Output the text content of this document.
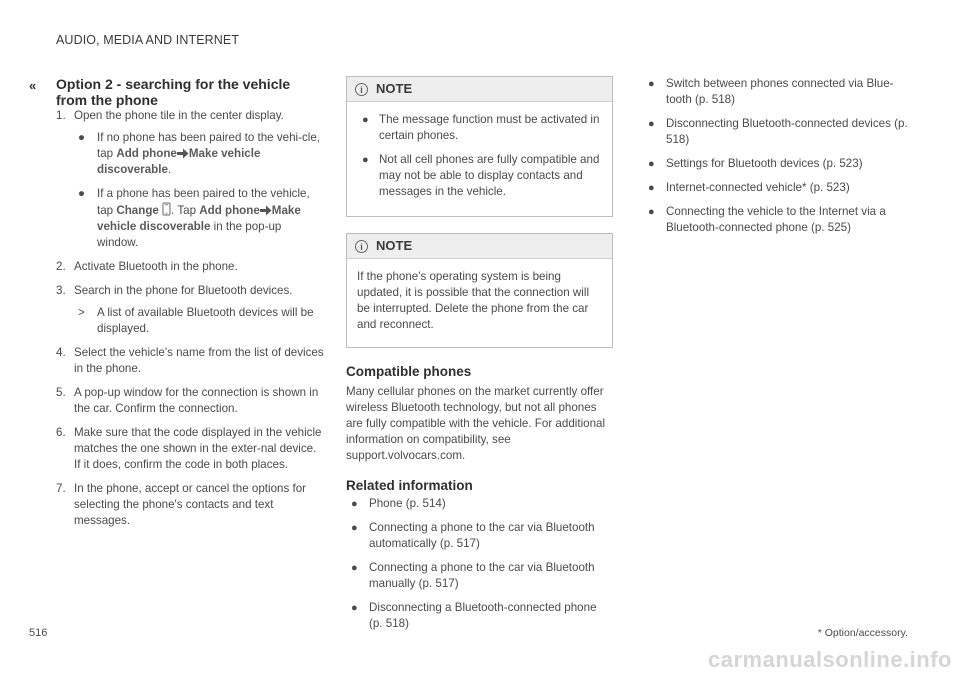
AUDIO, MEDIA AND INTERNET
« Option 2 - searching for the vehicle from the phone
1. Open the phone tile in the center display.
● If no phone has been paired to the vehi-cle, tap Add phone Make vehicle discoverable.
● If a phone has been paired to the vehicle, tap Change . Tap Add phone Make vehicle discoverable in the pop-up window.
2. Activate Bluetooth in the phone.
3. Search in the phone for Bluetooth devices.
> A list of available Bluetooth devices will be displayed.
4. Select the vehicle's name from the list of devices in the phone.
5. A pop-up window for the connection is shown in the car. Confirm the connection.
6. Make sure that the code displayed in the vehicle matches the one shown in the exter-nal device. If it does, confirm the code in both places.
7. In the phone, accept or cancel the options for selecting the phone's contacts and text messages.
i	NOTE
● The message function must be activated in certain phones.
● Not all cell phones are fully compatible and may not be able to display contacts and messages in the vehicle.
i	NOTE

If the phone's operating system is being updated, it is possible that the connection will be interrupted. Delete the phone from the car and reconnect.

Compatible phones

Many cellular phones on the market currently offer wireless Bluetooth technology, but not all phones are fully compatible with the vehicle. For additional information on compatibility, see support.volvocars.com.

Related information
● Phone (p. 514)
● Connecting a phone to the car via Bluetooth automatically (p. 517)
● Connecting a phone to the car via Bluetooth manually (p. 517)
● Disconnecting a Bluetooth-connected phone (p. 518)
● Switch between phones connected via Blue-tooth (p. 518)
● Disconnecting Bluetooth-connected devices (p. 518)
● Settings for Bluetooth devices (p. 523)
● Internet-connected vehicle* (p. 523)
● Connecting the vehicle to the Internet via a Bluetooth-connected phone (p. 525)
516	* Option/accessory.
carmanualsonline.info
